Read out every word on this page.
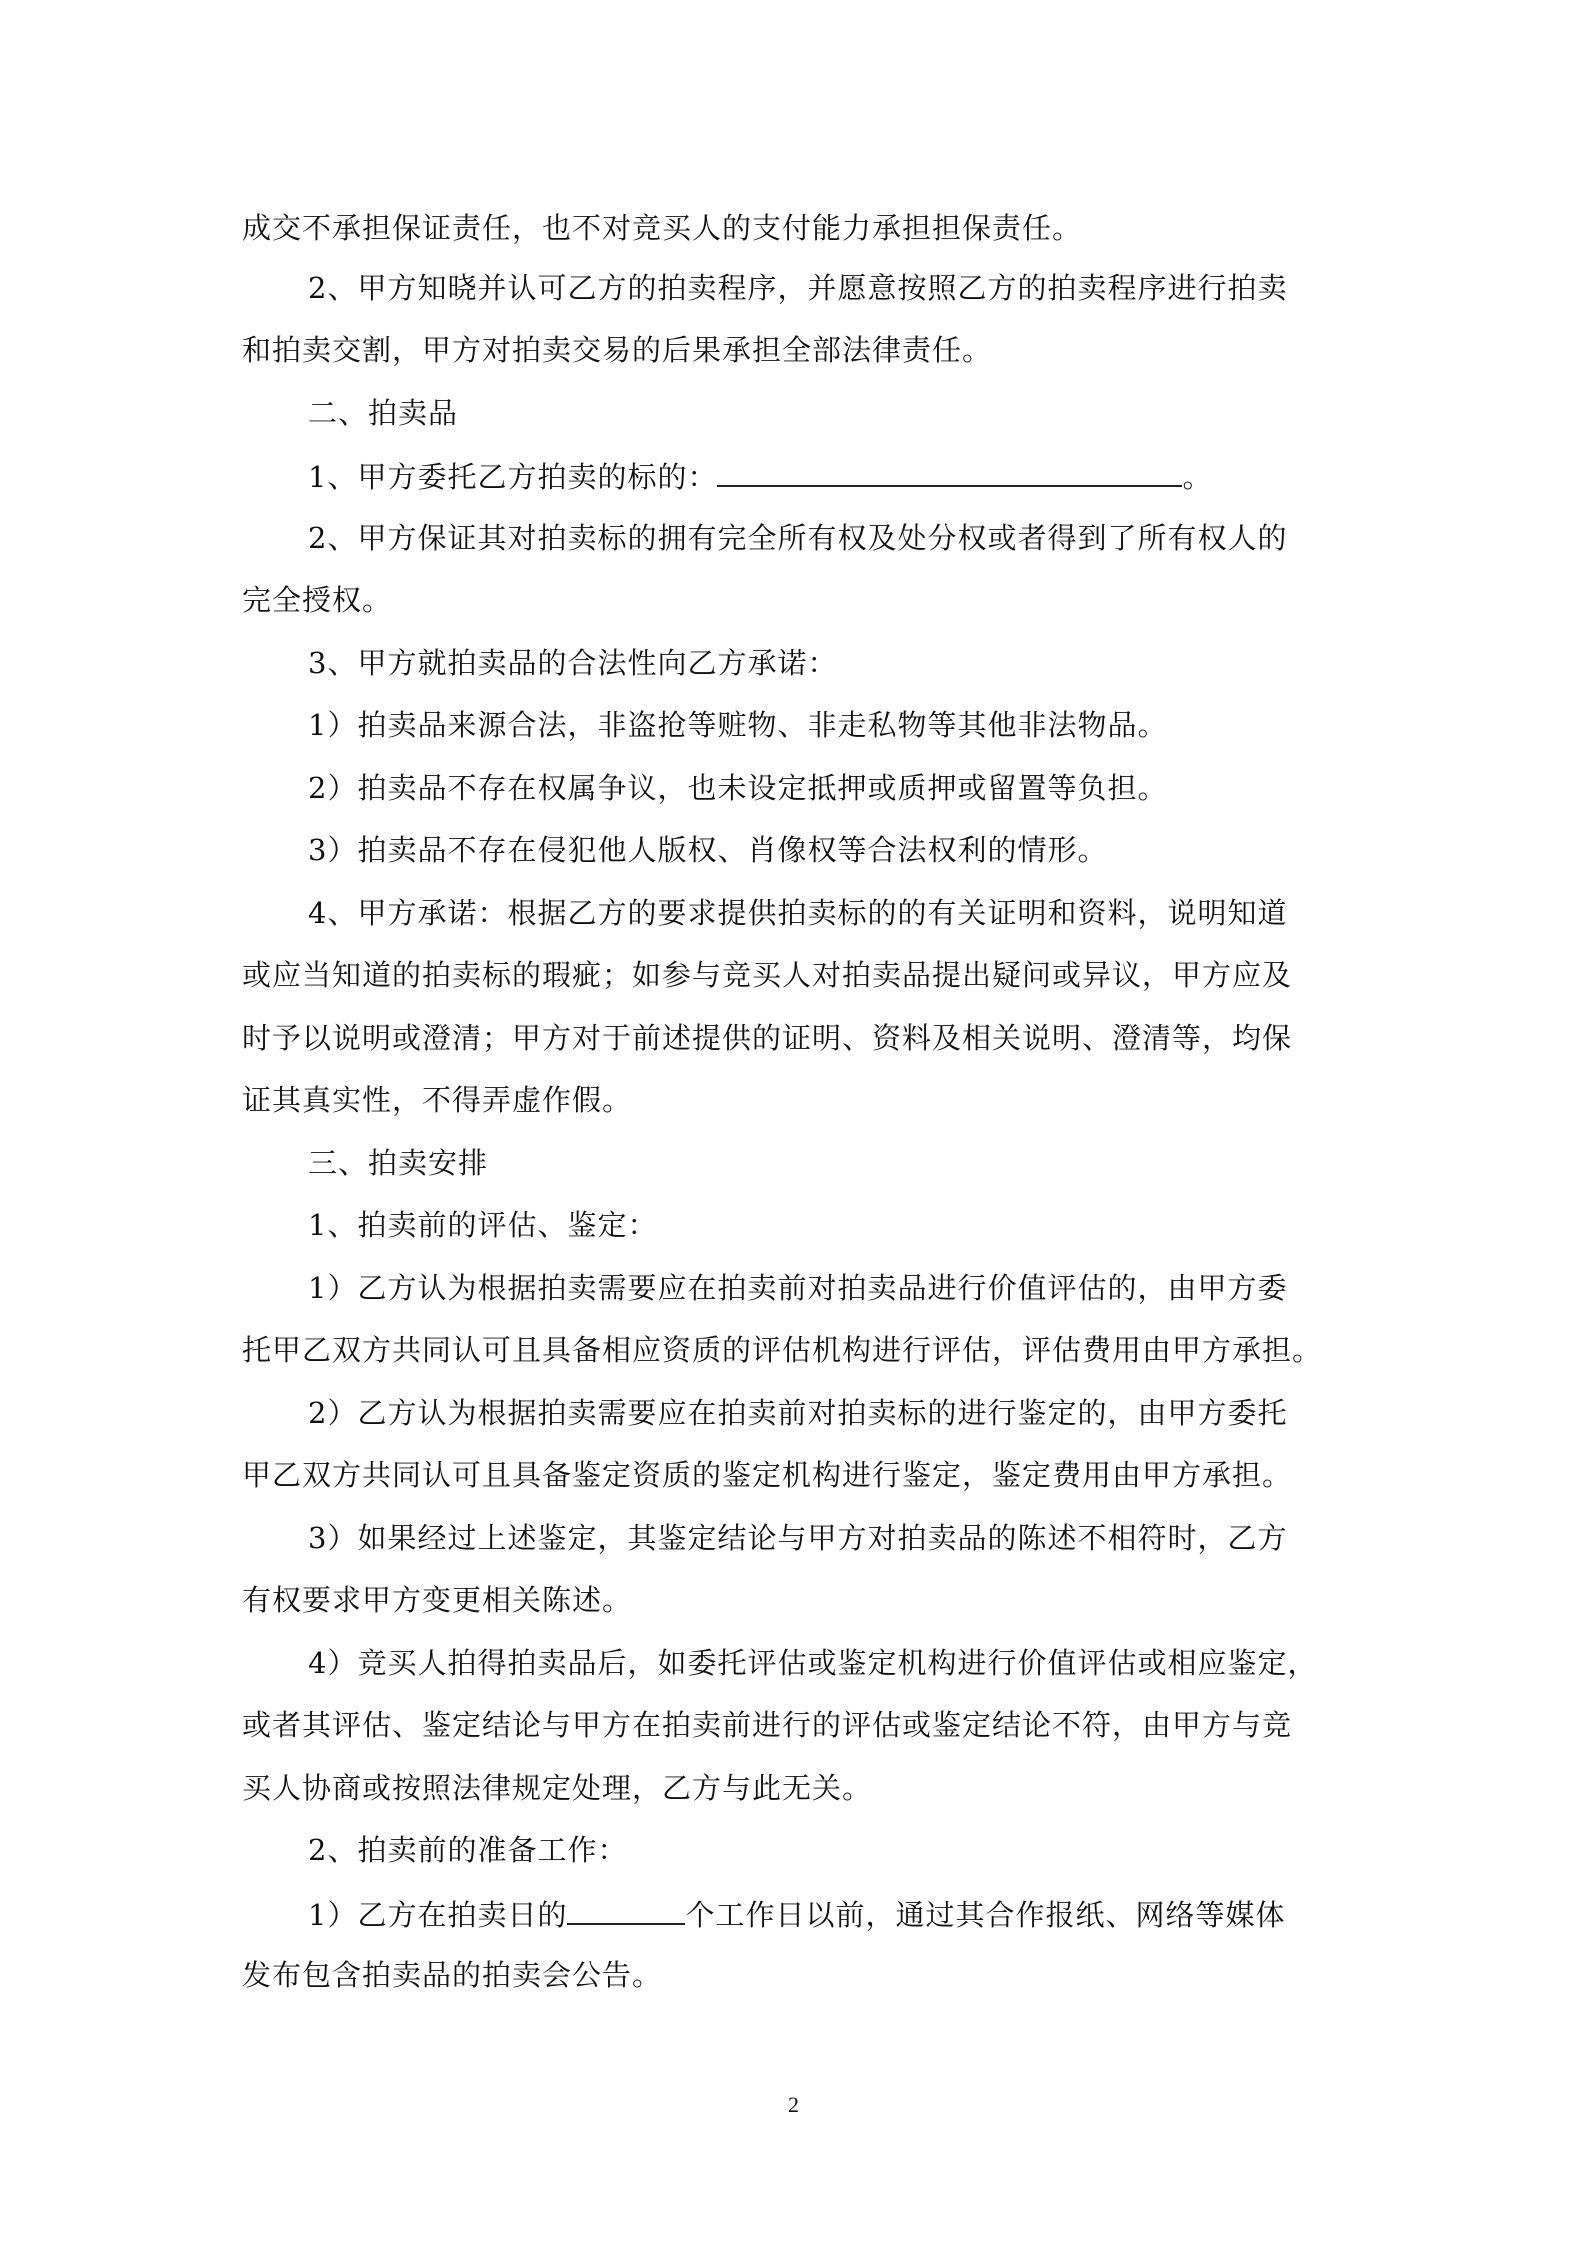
成交不承担保证责任，也不对竞买人的支付能力承担担保责任。
2、甲方知晓并认可乙方的拍卖程序，并愿意按照乙方的拍卖程序进行拍卖
和拍卖交割，甲方对拍卖交易的后果承担全部法律责任。
二、拍卖品
1、甲方委托乙方拍卖的标的：	。
2、甲方保证其对拍卖标的拥有完全所有权及处分权或者得到了所有权人的
完全授权。
3、甲方就拍卖品的合法性向乙方承诺：
1）拍卖品来源合法，非盗抢等赃物、非走私物等其他非法物品。
2）拍卖品不存在权属争议，也未设定抵押或质押或留置等负担。
3）拍卖品不存在侵犯他人版权、肖像权等合法权利的情形。
4、甲方承诺：根据乙方的要求提供拍卖标的的有关证明和资料，说明知道
或应当知道的拍卖标的瑕疵；如参与竞买人对拍卖品提出疑问或异议，甲方应及
时予以说明或澄清；甲方对于前述提供的证明、资料及相关说明、澄清等，均保
证其真实性，不得弄虚作假。
三、拍卖安排
1、拍卖前的评估、鉴定：
1）乙方认为根据拍卖需要应在拍卖前对拍卖品进行价值评估的，由甲方委
托甲乙双方共同认可且具备相应资质的评估机构进行评估，评估费用由甲方承担。
2）乙方认为根据拍卖需要应在拍卖前对拍卖标的进行鉴定的，由甲方委托
甲乙双方共同认可且具备鉴定资质的鉴定机构进行鉴定，鉴定费用由甲方承担。
3）如果经过上述鉴定，其鉴定结论与甲方对拍卖品的陈述不相符时，乙方
有权要求甲方变更相关陈述。
4）竞买人拍得拍卖品后，如委托评估或鉴定机构进行价值评估或相应鉴定，
或者其评估、鉴定结论与甲方在拍卖前进行的评估或鉴定结论不符，由甲方与竞
买人协商或按照法律规定处理，乙方与此无关。
2、拍卖前的准备工作：
1）乙方在拍卖日的	个工作日以前，通过其合作报纸、网络等媒体
发布包含拍卖品的拍卖会公告。
2
